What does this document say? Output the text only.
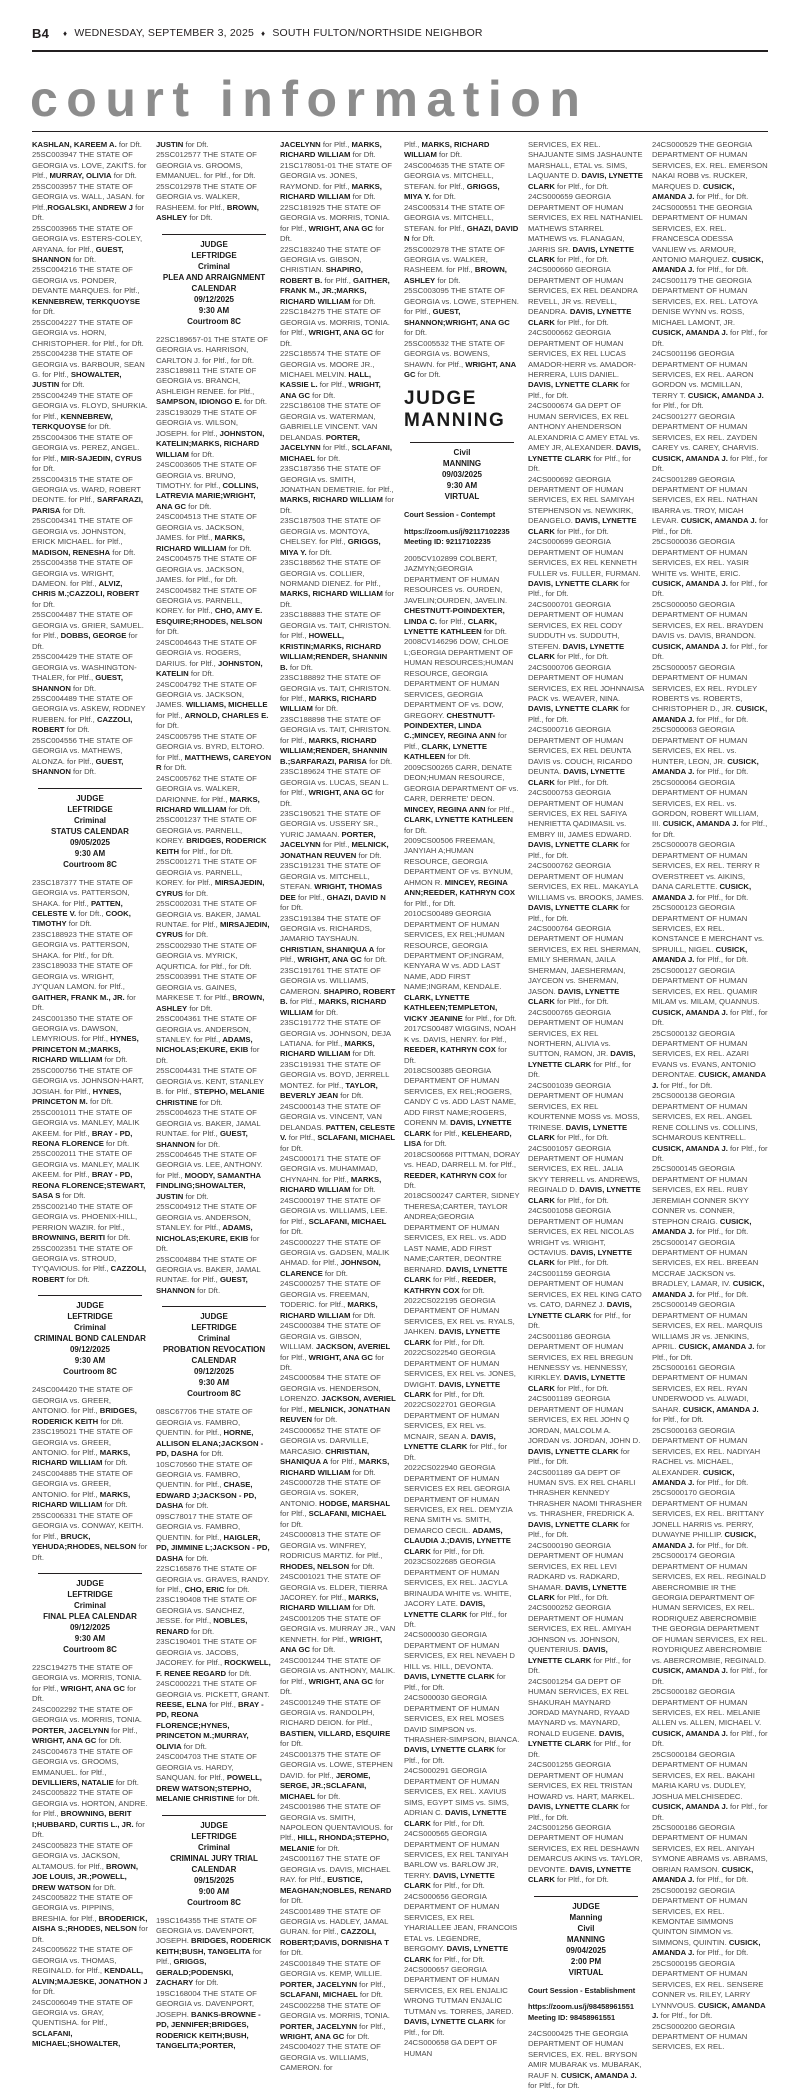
B4 ♦ WEDNESDAY, SEPTEMBER 3, 2025 ♦ SOUTH FULTON/NORTHSIDE NEIGHBOR
court information

KASHLAN, KAREEM A. for Dft. 25SC003947 THE STATE OF GEORGIA vs. LOVE, ZAKIT̈S. for Pltf., MURRAY, OLIVIA for Dft.

25SC003957 THE STATE OF GEORGIA vs. WALL, JASAN. for Pltf.,ROGALSKI, ANDREW J for Dft.

25SC003965 THE STATE OF GEORGIA vs. ESTERS-COLEY, ARYANA. for Pltf., GUEST, SHANNON for Dft.

25SC004216 THE STATE OF GEORGIA vs. PONDER, DEVANTE MARQUES. for Pltf., KENNEBREW, TERKQUOYSE for Dft.

25SC004227 THE STATE OF GEORGIA vs. HORN, CHRISTOPHER. for Pltf., for Dft.

25SC004238 THE STATE OF GEORGIA vs. BARBOUR, SEAN G. for Pltf., SHOWALTER, JUSTIN for Dft.

25SC004249 THE STATE OF GEORGIA vs. FLOYD, SHURKIA. for Pltf., KENNEBREW, TERKQUOYSE for Dft.

25SC004306 THE STATE OF GEORGIA vs. PEREZ, ANGEL. for Pltf., MIR-SAJEDIN, CYRUS for Dft.

25SC004315 THE STATE OF GEORGIA vs. WARD, ROBERT DEONTE. for Pltf., SARFARAZI, PARISA for Dft.

25SC004341 THE STATE OF GEORGIA vs. JOHNSTON, ERICK MICHAEL. for Pltf., MADISON, RENESHA for Dft.

25SC004358 THE STATE OF GEORGIA vs. WRIGHT, DAMEON. for Pltf., ALVIZ, CHRIS M.;CAZZOLI, ROBERT for Dft.

25SC004487 THE STATE OF GEORGIA vs. GRIER, SAMUEL. for Pltf., DOBBS, GEORGE for Dft.

25SC004429 THE STATE OF GEORGIA vs. WASHINGTON-THALER, for Pltf., GUEST, SHANNON for Dft.

25SC004489 THE STATE OF GEORGIA vs. ASKEW, RODNEY RUEBEN. for Pltf., CAZZOLI, ROBERT for Dft.

25SC004556 THE STATE OF GEORGIA vs. MATHEWS, ALONZA. for Pltf., GUEST, SHANNON for Dft.

JUDGE
LEFTRIDGE
Criminal
STATUS CALENDAR
09/05/2025
9:30 AM
Courtroom 8C

23SC187377 THE STATE OF GEORGIA vs. PATTERSON, SHAKA. for Pltf., PATTEN, CELESTE V. for Dft., COOK, TIMOTHY for Dft.

23SC188923 THE STATE OF GEORGIA vs. PATTERSON, SHAKA. for Pltf., for Dft.

23SC189033 THE STATE OF GEORGIA vs. WRIGHT, JY'QUAN LAMON. for Pltf., GAITHER, FRANK M., JR. for Dft.

24SC001350 THE STATE OF GEORGIA vs. DAWSON, LEMYRIOUS. for Pltf., HYNES, PRINCETON M.;MARKS, RICHARD WILLIAM for Dft.

25SC000756 THE STATE OF GEORGIA vs. JOHNSON-HART, JOSIAH. for Pltf., HYNES, PRINCETON M. for Dft.

25SC001011 THE STATE OF GEORGIA vs. MANLEY, MALIK AKEEM. for Pltf., BRAY - PD, REONA FLORENCE for Dft.

25SC002011 THE STATE OF GEORGIA vs. MANLEY, MALIK AKEEM. for Pltf., BRAY - PD, REONA FLORENCE;STEWART, SASA S for Dft.

25SC002140 THE STATE OF GEORGIA vs. PHOENIX-HILL, PERRION WAZIR. for Pltf., BROWNING, BERITI for Dft.

25SC002351 THE STATE OF GEORGIA vs. STROUD, TY'QAVIOUS. for Pltf., CAZZOLI, ROBERT for Dft.

JUDGE
LEFTRIDGE
Criminal
CRIMINAL BOND CALENDAR
09/12/2025
9:30 AM
Courtroom 8C

24SC004420 THE STATE OF GEORGIA vs. GREER, ANTONIO. for Pltf., BRIDGES, RODERICK KEITH for Dft.

23SC195021 THE STATE OF GEORGIA vs. GREER, ANTONIO. for Pltf., MARKS, RICHARD WILLIAM for Dft.

24SC004885 THE STATE OF GEORGIA vs. GREER, ANTONIO. for Pltf., MARKS, RICHARD WILLIAM for Dft.

25SC006331 THE STATE OF GEORGIA vs. CONWAY, KEITH. for Pltf., BRUCK, YEHUDA;RHODES, NELSON for Dft.

JUDGE
LEFTRIDGE
Criminal
FINAL PLEA CALENDAR
09/12/2025
9:30 AM
Courtroom 8C

22SC194275 THE STATE OF GEORGIA vs. MORRIS, TONIA. for Pltf., WRIGHT, ANA GC for Dft.

24SC002292 THE STATE OF GEORGIA vs. MORRIS, TONIA. PORTER, JACELYNN for Pltf., WRIGHT, ANA GC for Dft.

24SC004673 THE STATE OF GEORGIA vs. GROOMS, EMMANUEL. for Pltf., DEVILLIERS, NATALIE for Dft.

24SC005822 THE STATE OF GEORGIA vs. HORTON, ANDRE. for Pltf., BROWNING, BERIT I;HUBBARD, CURTIS L., JR. for Dft.

24SC005823 THE STATE OF GEORGIA vs. JACKSON, ALTAMOUS. for Pltf., BROWN, JOE LOUIS, JR.;POWELL, DREW WATSON for Dft.

24SC005822 THE STATE OF GEORGIA vs. PIPPINS, BRESHIA. for Pltf., BRODERICK, AISHA S.;RHODES, NELSON for Dft.

24SC005622 THE STATE OF GEORGIA vs. THOMAS, REGINALD. for Pltf., KENDALL, ALVIN;MAJESKE, JONATHON J for Dft.

24SC006049 THE STATE OF GEORGIA vs. GRAY, QUENTISHA. for Pltf., SCLAFANI, MICHAEL;SHOWALTER,

JUSTIN for Dft.

25SC012577 THE STATE OF GEORGIA vs. GROOMS, EMMANUEL. for Pltf., for Dft.

25SC012978 THE STATE OF GEORGIA vs. WALKER, RASHEEM. for Pltf., BROWN, ASHLEY for Dft.

JUDGE
LEFTRIDGE
Criminal
PLEA AND ARRAIGNMENT
CALENDAR
09/12/2025
9:30 AM
Courtroom 8C

22SC189657-01 THE STATE OF GEORGIA vs. HARRISON, CARLTON J. for Pltf., for Dft.

23SC189811 THE STATE OF GEORGIA vs. BRANCH, ASHLEIGH RENEE. for Pltf., SAMPSON, IDIONGO E. for Dft.

23SC193029 THE STATE OF GEORGIA vs. WILSON, JOSEPH. for Pltf., JOHNSTON, KATELIN;MARKS, RICHARD WILLIAM for Dft.

24SC003605 THE STATE OF GEORGIA vs. BRUNO, TIMOTHY. for Pltf., COLLINS, LATREVIA MARIE;WRIGHT, ANA GC for Dft.

24SC004513 THE STATE OF GEORGIA vs. JACKSON, JAMES. for Pltf., MARKS, RICHARD WILLIAM for Dft.

24SC004575 THE STATE OF GEORGIA vs. JACKSON, JAMES. for Pltf., for Dft.

24SC004582 THE STATE OF GEORGIA vs. PARNELL, KOREY. for Pltf., CHO, AMY E. ESQUIRE;RHODES, NELSON for Dft.

24SC004643 THE STATE OF GEORGIA vs. ROGERS, DARIUS. for Pltf., JOHNSTON, KATELIN for Dft.

24SC004792 THE STATE OF GEORGIA vs. JACKSON, JAMES. WILLIAMS, MICHELLE for Pltf., ARNOLD, CHARLES E. for Dft.

24SC005795 THE STATE OF GEORGIA vs. BYRD, ELTORO. for Pltf., MATTHEWS, CAREYON R for Dft.

24SC005762 THE STATE OF GEORGIA vs. WALKER, DARIONNE. for Pltf., MARKS, RICHARD WILLIAM for Dft.

25SC001237 THE STATE OF GEORGIA vs. PARNELL, KOREY. BRIDGES, RODERICK KEITH for Pltf., for Dft.

25SC001271 THE STATE OF GEORGIA vs. PARNELL, KOREY. for Pltf., MIRSAJEDIN, CYRUS for Dft.

25SC002031 THE STATE OF GEORGIA vs. BAKER, JAMAL RUNTAE. for Pltf., MIRSAJEDIN, CYRUS for Dft.

25SC002930 THE STATE OF GEORGIA vs. MYRICK, AQURTICA. for Pltf., for Dft.

25SC003991 THE STATE OF GEORGIA vs. GAINES, MARKESE T. for Pltf., BROWN, ASHLEY for Dft.

25SC004361 THE STATE OF GEORGIA vs. ANDERSON, STANLEY. for Pltf., ADAMS, NICHOLAS;EKURE, EKIB for Dft.

25SC004431 THE STATE OF GEORGIA vs. KENT, STANLEY B. for Pltf., STEPHO, MELANIE CHRISTINE for Dft.

25SC004623 THE STATE OF GEORGIA vs. BAKER, JAMAL RUNTAE. for Pltf., GUEST, SHANNON for Dft.

25SC004645 THE STATE OF GEORGIA vs. LEE, ANTHONY. for Pltf., MOODY, SAMANTHA FINDLING;SHOWALTER, JUSTIN for Dft.

25SC004912 THE STATE OF GEORGIA vs. ANDERSON, STANLEY. for Pltf., ADAMS, NICHOLAS;EKURE, EKIB for Dft.

25SC004884 THE STATE OF GEORGIA vs. BAKER, JAMAL RUNTAE. for Pltf., GUEST, SHANNON for Dft.

JUDGE
LEFTRIDGE
Criminal
PROBATION REVOCATION
CALENDAR
09/12/2025
9:30 AM
Courtroom 8C

08SC67706 THE STATE OF GEORGIA vs. FAMBRO, QUENTIN. for Pltf., HORNE, ALLISON ELANA;JACKSON - PD, DASHA for Dft.

10SC70560 THE STATE OF GEORGIA vs. FAMBRO, QUENTIN. for Pltf., CHASE, EDWARD J;JACKSON - PD, DASHA for Dft.

09SC78017 THE STATE OF GEORGIA vs. FAMBRO, QUENTIN. for Pltf., HAIGLER, PD, JIMMINE L;JACKSON - PD, DASHA for Dft.

22SC165876 THE STATE OF GEORGIA vs. GRAVES, RANDY. for Pltf., CHO, ERIC for Dft.

23SC190408 THE STATE OF GEORGIA vs. SANCHEZ, JESSE. for Pltf., NOBLES, RENARD for Dft.

23SC190401 THE STATE OF GEORGIA vs. JACOBS, JACOREY. for Pltf., ROCKWELL, F. RENEE REGARD for Dft.

24SC000221 THE STATE OF GEORGIA vs. PICKETT, GRANT. REESE, ELNA for Pltf., BRAY - PD, REONA FLORENCE;HYNES, PRINCETON M.;MURRAY, OLIVIA for Dft.

24SC004703 THE STATE OF GEORGIA vs. HARDY, SANQUAN. for Pltf., POWELL, DREW WATSON;STEPHO, MELANIE CHRISTINE for Dft.

JUDGE
LEFTRIDGE
Criminal
CRIMINAL JURY TRIAL CALENDAR
09/15/2025
9:00 AM
Courtroom 8C

19SC164355 THE STATE OF GEORGIA vs. DAVENPORT, JOSEPH. BRIDGES, RODERICK KEITH;BUSH, TANGELITA for Pltf., GRIGGS, GERALD;PODENSKI, ZACHARY for Dft.

19SC168004 THE STATE OF GEORGIA vs. DAVENPORT, JOSEPH. BANKS-BROWNE - PD, JENNIFER;BRIDGES, RODERICK KEITH;BUSH, TANGELITA;PORTER,

JACELYNN for Pltf., MARKS, RICHARD WILLIAM for Dft.

21SC178051-01 THE STATE OF GEORGIA vs. JONES, RAYMOND. for Pltf., MARKS, RICHARD WILLIAM for Dft.

22SC181925 THE STATE OF GEORGIA vs. MORRIS, TONIA. for Pltf., WRIGHT, ANA GC for Dft.

22SC183240 THE STATE OF GEORGIA vs. GIBSON, CHRISTIAN. SHAPIRO, ROBERT B. for Pltf., GAITHER, FRANK M., JR.;MARKS, RICHARD WILLIAM for Dft.

22SC184275 THE STATE OF GEORGIA vs. MORRIS, TONIA. for Pltf., WRIGHT, ANA GC for Dft.

22SC185574 THE STATE OF GEORGIA vs. MOORE JR., MICHAEL MELVIN. HALL, KASSIE L. for Pltf., WRIGHT, ANA GC for Dft.

22SC186108 THE STATE OF GEORGIA vs. WATERMAN, GABRIELLE VINCENT. VAN DELANDAS. PORTER, JACELYNN for Pltf., SCLAFANI, MICHAEL for Dft.

23SC187356 THE STATE OF GEORGIA vs. SMITH, JONATHAN DEMETRIE. for Pltf., MARKS, RICHARD WILLIAM for Dft.

23SC187503 THE STATE OF GEORGIA vs. MONTOYA, CHELSEY. for Pltf., GRIGGS, MIYA Y. for Dft.

23SC188562 THE STATE OF GEORGIA vs. COLLIER, NORMAND DIENEZ. for Pltf., MARKS, RICHARD WILLIAM for Dft.

23SC188883 THE STATE OF GEORGIA vs. TAIT, CHRISTON. for Pltf., HOWELL, KRISTIN;MARKS, RICHARD WILLIAM;RENDER, SHANNIN B. for Dft.

23SC188892 THE STATE OF GEORGIA vs. TAIT, CHRISTON. for Pltf., MARKS, RICHARD WILLIAM for Dft.

23SC188898 THE STATE OF GEORGIA vs. TAIT, CHRISTON. for Pltf., MARKS, RICHARD WILLIAM;RENDER, SHANNIN B.;SARFARAZI, PARISA for Dft.

23SC189624 THE STATE OF GEORGIA vs. LUCAS, SEAN L. for Pltf., WRIGHT, ANA GC for Dft.

23SC190521 THE STATE OF GEORGIA vs. USSERY SR., YURIC JAMAAN. PORTER, JACELYNN for Pltf., MELNICK, JONATHAN REUVEN for Dft.

23SC191231 THE STATE OF GEORGIA vs. MITCHELL, STEFAN. WRIGHT, THOMAS DEE for Pltf., GHAZI, DAVID N for Dft.

23SC191384 THE STATE OF GEORGIA vs. RICHARDS, JAMARIO TAYSHAUN. CHRISTIAN, SHANIQUA A for Pltf., WRIGHT, ANA GC for Dft.

23SC191761 THE STATE OF GEORGIA vs. WILLIAMS, CAMERON. SHAPIRO, ROBERT B. for Pltf., MARKS, RICHARD WILLIAM for Dft.

23SC191772 THE STATE OF GEORGIA vs. JOHNSON, DEJA LATIANA. for Pltf., MARKS, RICHARD WILLIAM for Dft.

23SC191931 THE STATE OF GEORGIA vs. BOYD, JERRELL MONTEZ. for Pltf., TAYLOR, BEVERLY JEAN for Dft.

24SC000143 THE STATE OF GEORGIA vs. VINCENT, VAN DELANDAS. PATTEN, CELESTE V. for Pltf., SCLAFANI, MICHAEL for Dft.

24SC000171 THE STATE OF GEORGIA vs. MUHAMMAD, CHYNAHN. for Pltf., MARKS, RICHARD WILLIAM for Dft.

24SC000197 THE STATE OF GEORGIA vs. WILLIAMS, LEE. for Pltf., SCLAFANI, MICHAEL for Dft.

24SC000227 THE STATE OF GEORGIA vs. GADSEN, MALIK AHMAD. for Pltf., JOHNSON, CLARENCE for Dft.

24SC000257 THE STATE OF GEORGIA vs. FREEMAN, TODERIC. for Pltf., MARKS, RICHARD WILLIAM for Dft.

24SC000384 THE STATE OF GEORGIA vs. GIBSON, WILLIAM. JACKSON, AVERIEL for Pltf., WRIGHT, ANA GC for Dft.

24SC000584 THE STATE OF GEORGIA vs. HENDERSON, LORENZO. JACKSON, AVERIEL for Pltf., MELNICK, JONATHAN REUVEN for Dft.

24SC000652 THE STATE OF GEORGIA vs. DARVILLE, MARCASIO. CHRISTIAN, SHANIQUA A for Pltf., MARKS, RICHARD WILLIAM for Dft.

24SC000728 THE STATE OF GEORGIA vs. SOKER, ANTONIO. HODGE, MARSHAL for Pltf., SCLAFANI, MICHAEL for Dft.

24SC000813 THE STATE OF GEORGIA vs. WINFREY, RODRICUS MARTIZ. for Pltf., RHODES, NELSON for Dft.

24SC001021 THE STATE OF GEORGIA vs. ELDER, TIERRA JACOREY. for Pltf., MARKS, RICHARD WILLIAM for Dft.

24SC001205 THE STATE OF GEORGIA vs. MURRAY JR., VAN KENNETH. for Pltf., WRIGHT, ANA GC for Dft.

24SC001244 THE STATE OF GEORGIA vs. ANTHONY, MALIK. for Pltf., WRIGHT, ANA GC for Dft.

24SC001249 THE STATE OF GEORGIA vs. RANDOLPH, RICHARD DEION. for Pltf., BASTIEN, VILLARD, ESQUIRE for Dft.

24SC001375 THE STATE OF GEORGIA vs. LOWE, STEPHEN DAVID. for Pltf., JEROME, SERGE, JR.;SCLAFANI, MICHAEL for Dft.

24SC001986 THE STATE OF GEORGIA vs. SMITH, NAPOLEON QUENTAVIOUS. for Pltf., HILL, RHONDA;STEPHO, MELANIE for Dft.

24SC001167 THE STATE OF GEORGIA vs. DAVIS, MICHAEL RAY. for Pltf., EUSTICE, MEAGHAN;NOBLES, RENARD for Dft.

24SC001489 THE STATE OF GEORGIA vs. HADLEY, JAMAL GURAN. for Pltf., CAZZOLI, ROBERT;DAVIS, DORNISHA T for Dft.

24SC001849 THE STATE OF GEORGIA vs. KEMP, WILLIE. PORTER, JACELYNN for Pltf., SCLAFANI, MICHAEL for Dft.

24SC002258 THE STATE OF GEORGIA vs. MORRIS, TONIA. PORTER, JACELYNN for Pltf., WRIGHT, ANA GC for Dft.

24SC004027 THE STATE OF GEORGIA vs. WILLIAMS, CAMERON. for

Pltf., MARKS, RICHARD WILLIAM for Dft.

24SC004635 THE STATE OF GEORGIA vs. MITCHELL, STEFAN. for Pltf., GRIGGS, MIYA Y. for Dft.

24SC005314 THE STATE OF GEORGIA vs. MITCHELL, STEFAN. for Pltf., GHAZI, DAVID N for Dft.

25SC002978 THE STATE OF GEORGIA vs. WALKER, RASHEEM. for Pltf., BROWN, ASHLEY for Dft.

25SC003095 THE STATE OF GEORGIA vs. LOWE, STEPHEN. for Pltf., GUEST, SHANNON;WRIGHT, ANA GC for Dft.

25SC005532 THE STATE OF GEORGIA vs. BOWENS, SHAWN. for Pltf., WRIGHT, ANA GC for Dft.

JUDGE
MANNING
Civil
MANNING
09/03/2025
9:30 AM
VIRTUAL
Court Session - Contempt
https://zoom.us/j/92117102235 Meeting ID: 92117102235

2005CV102899 COLBERT, JAZMYN;GEORGIA DEPARTMENT OF HUMAN RESOURCES vs. OURDEN, JAVELIN;OURDEN, JAVELIN. CHESTNUTT-POINDEXTER, LINDA C. for Pltf., CLARK, LYNETTE KATHLEEN for Dft.

2008CV146296 DOW, CHLOE L;GEORGIA DEPARTMENT OF HUMAN RESOURCES;HUMAN RESOURCE, GEORGIA DEPARTMENT OF HUMAN SERVICES, GEORGIA DEPARTMENT OF vs. DOW, GREGORY. CHESTNUTT-POINDEXTER, LINDA C.;MINCEY, REGINA ANN for Pltf., CLARK, LYNETTE KATHLEEN for Dft.

2009CS00265 CARR, DENATE DEON;HUMAN RESOURCE, GEORGIA DEPARTMENT OF vs. CARR, DERRETE' DEON. MINCEY, REGINA ANN for Pltf., CLARK, LYNETTE KATHLEEN for Dft.

2009CS00506 FREEMAN, JANYIAH A;HUMAN RESOURCE, GEORGIA DEPARTMENT OF vs. BYNUM, AHMON R. MINCEY, REGINA ANN;REEDER, KATHRYN COX for Pltf., for Dft.

2010CS00489 GEORGIA DEPARTMENT OF HUMAN SERVICES, EX REL;HUMAN RESOURCE, GEORGIA DEPARTMENT OF;INGRAM, KENYARA W vs. ADD LAST NAME, ADD FIRST NAME;INGRAM, KENDALE. CLARK, LYNETTE KATHLEEN;TEMPLETON, VICKY JEANINE for Pltf., for Dft.

2017CS00487 WIGGINS, NOAH K vs. DAVIS, HENRY. for Pltf., REEDER, KATHRYN COX for Dft.

2018CS00385 GEORGIA DEPARTMENT OF HUMAN SERVICES, EX REL;ROGERS, CANDY C vs. ADD LAST NAME, ADD FIRST NAME;ROGERS, CORENN M. DAVIS, LYNETTE CLARK for Pltf., KELEHEARD, LISA for Dft.

2018CS00668 PITTMAN, DORAY vs. HEAD, DARRELL M. for Pltf., REEDER, KATHRYN COX for Dft.

2018CS00247 CARTER, SIDNEY THERESA;CARTER, TAYLOR ANDREA;GEORGIA DEPARTMENT OF HUMAN SERVICES, EX REL. vs. ADD LAST NAME, ADD FIRST NAME;CARTER, DEONTRE BERNARD. DAVIS, LYNETTE CLARK for Pltf., REEDER, KATHRYN COX for Dft.

2022CS022195 GEORGIA DEPARTMENT OF HUMAN SERVICES, EX REL vs. RYALS, JAHKEN. DAVIS, LYNETTE CLARK for Pltf., for Dft.

2022CS022540 GEORGIA DEPARTMENT OF HUMAN SERVICES, EX REL vs. JONES, DWIGHT. DAVIS, LYNETTE CLARK for Pltf., for Dft.

2022CS022701 GEORGIA DEPARTMENT OF HUMAN SERVICES, EX REL vs. MCNAIR, SEAN A. DAVIS, LYNETTE CLARK for Pltf., for Dft.

2022CS022940 GEORGIA DEPARTMENT OF HUMAN SERVICES EX REL GEORGIA DEPARTMENT OF HUMAN SERVICES, EX REL. DEMYZIA RENA SMITH vs. SMITH, DEMARCO CECIL. ADAMS, CLAUDIA J.;DAVIS, LYNETTE CLARK for Pltf., for Dft.

2023CS022685 GEORGIA DEPARTMENT OF HUMAN SERVICES, EX REL. JACYLA BRINAUDA WHITE vs. WHITE, JACORY LATE. DAVIS, LYNETTE CLARK for Pltf., for Dft.

24CS000030 GEORGIA DEPARTMENT OF HUMAN SERVICES, EX REL NEVAEH D HILL vs. HILL, DEVONTA. DAVIS, LYNETTE CLARK for Pltf., for Dft.

24CS000030 GEORGIA DEPARTMENT OF HUMAN SERVICES, EX REL MOSES DAVID SIMPSON vs. THRASHER-SIMPSON, BIANCA. DAVIS, LYNETTE CLARK for Pltf., for Dft.

24CS000291 GEORGIA DEPARTMENT OF HUMAN SERVICES, EX REL. XAVIUS SIMS, EGYPT SIMS vs. SIMS, ADRIAN C. DAVIS, LYNETTE CLARK for Pltf., for Dft.

24CS000565 GEORGIA DEPARTMENT OF HUMAN SERVICES, EX REL TANIYAH BARLOW vs. BARLOW JR, TERRY. DAVIS, LYNETTE CLARK for Pltf., for Dft.

24CS000656 GEORGIA DEPARTMENT OF HUMAN SERVICES, EX REL YHARIALLEE JEAN, FRANCOIS ETAL vs. LEGENDRE, BERGOMY. DAVIS, LYNETTE CLARK for Pltf., for Dft.

24CS000657 GEORGIA DEPARTMENT OF HUMAN SERVICES, EX REL ENJALIC WRONG TUTMAN ENJALIC TUTMAN vs. TORRES, JARED. DAVIS, LYNETTE CLARK for Pltf., for Dft.

24CS000658 GA DEPT OF HUMAN

SERVICES, EX REL. SHAJUANTE SIMS JASHAUNTE MARSHALL, ETAL vs. SIMS, LAQUANTE D. DAVIS, LYNETTE CLARK for Pltf., for Dft.

24CS000659 GEORGIA DEPARTMENT OF HUMAN SERVICES, EX REL NATHANIEL MATHEWS STARREL MATHEWS vs. FLANAGAN, JARRIS SR. DAVIS, LYNETTE CLARK for Pltf., for Dft.

24CS000660 GEORGIA DEPARTMENT OF HUMAN SERVICES, EX REL DEANDRA REVELL, JR vs. REVELL, DEANDRA. DAVIS, LYNETTE CLARK for Pltf., for Dft.

24CS000662 GEORGIA DEPARTMENT OF HUMAN SERVICES, EX REL LUCAS AMADOR-HERR vs. AMADOR-HERRERA, LUIS DANIEL. DAVIS, LYNETTE CLARK for Pltf., for Dft.

24CS000674 GA DEPT OF HUMAN SERVICES, EX REL ANTHONY AHENDERSON ALEXANDRIA C AMEY ETAL vs. AMEY JR, ALEXANDER. DAVIS, LYNETTE CLARK for Pltf., for Dft.

24CS000692 GEORGIA DEPARTMENT OF HUMAN SERVICES, EX REL SAMIYAH STEPHENSON vs. NEWKIRK, DEANGELO. DAVIS, LYNETTE CLARK for Pltf., for Dft.

24CS000699 GEORGIA DEPARTMENT OF HUMAN SERVICES, EX REL KENNETH FULLER vs. FULLER, FURMAN. DAVIS, LYNETTE CLARK for Pltf., for Dft.

24CS000701 GEORGIA DEPARTMENT OF HUMAN SERVICES, EX REL CODY SUDDUTH vs. SUDDUTH, STEFEN. DAVIS, LYNETTE CLARK for Pltf., for Dft.

24CS000706 GEORGIA DEPARTMENT OF HUMAN SERVICES, EX REL JOHNNAISA PACK vs. WEAVER, NINA. DAVIS, LYNETTE CLARK for Pltf., for Dft.

24CS000716 GEORGIA DEPARTMENT OF HUMAN SERVICES, EX REL DEUNTA DAVIS vs. COUCH, RICARDO DEUNTA. DAVIS, LYNETTE CLARK for Pltf., for Dft.

24CS000753 GEORGIA DEPARTMENT OF HUMAN SERVICES, EX REL SAFIYA HENRIETTA QADIMASIL vs. EMBRY III, JAMES EDWARD. DAVIS, LYNETTE CLARK for Pltf., for Dft.

24CS000762 GEORGIA DEPARTMENT OF HUMAN SERVICES, EX REL. MAKAYLA WILLIAMS vs. BROOKS, JAMES. DAVIS, LYNETTE CLARK for Pltf., for Dft.

24CS000764 GEORGIA DEPARTMENT OF HUMAN SERVICES, EX REL SHERMAN, EMILY SHERMAN, JAILA SHERMAN, JAESHERMAN, JAYCEON vs. SHERMAN, JASON. DAVIS, LYNETTE CLARK for Pltf., for Dft.

24CS000765 GEORGIA DEPARTMENT OF HUMAN SERVICES, EX REL NORTHERN, ALIVIA vs. SUTTON, RAMON, JR. DAVIS, LYNETTE CLARK for Pltf., for Dft.

24CS001039 GEORGIA DEPARTMENT OF HUMAN SERVICES, EX REL KOURTENNE MOSS vs. MOSS, TRINESE. DAVIS, LYNETTE CLARK for Pltf., for Dft.

24CS001057 GEORGIA DEPARTMENT OF HUMAN SERVICES, EX REL. JALIA SKYY TERRELL vs. ANDREWS, REGINALD D. DAVIS, LYNETTE CLARK for Pltf., for Dft.

24CS001058 GEORGIA DEPARTMENT OF HUMAN SERVICES, EX REL NICOLAS WRIGHT vs. WRIGHT, OCTAVIUS. DAVIS, LYNETTE CLARK for Pltf., for Dft.

24CS001159 GEORGIA DEPARTMENT OF HUMAN SERVICES, EX REL KING CATO vs. CATO, DARNEZ J. DAVIS, LYNETTE CLARK for Pltf., for Dft.

24CS001186 GEORGIA DEPARTMENT OF HUMAN SERVICES, EX REL BREGUN HENNESSY vs. HENNESSY, KIRKLEY. DAVIS, LYNETTE CLARK for Pltf., for Dft.

24CS001189 GEORGIA DEPARTMENT OF HUMAN SERVICES, EX REL JOHN Q JORDAN, MALCOLM A. JORDAN vs. JORDAN, JOHN D. DAVIS, LYNETTE CLARK for Pltf., for Dft.

24CS001189 GA DEPT OF HUMAN SVS. EX REL CHARLI THRASHER KENNEDY THRASHER NAOMI THRASHER vs. THRASHER, FREDRICK A. DAVIS, LYNETTE CLARK for Pltf., for Dft.

24CS000190 GEORGIA DEPARTMENT OF HUMAN SERVICES, EX REL LEVI RADKARD vs. RADKARD, SHAMAR. DAVIS, LYNETTE CLARK for Pltf., for Dft.

24CS000252 GEORGIA DEPARTMENT OF HUMAN SERVICES, EX REL. AMIYAH JOHNSON vs. JOHNSON, QUENTERIUS. DAVIS, LYNETTE CLARK for Pltf., for Dft.

24CS001254 GA DEPT OF HUMAN SERVICES, EX REL SHAKURAH MAYNARD JORDAD MAYNARD, RYAAD MAYNARD vs. MAYNARD, RONALD EUGENE. DAVIS, LYNETTE CLARK for Pltf., for Dft.

24CS001255 GEORGIA DEPARTMENT OF HUMAN SERVICES, EX REL TRISTAN HOWARD vs. HART, MARKEL. DAVIS, LYNETTE CLARK for Pltf., for Dft.

24CS001256 GEORGIA DEPARTMENT OF HUMAN SERVICES, EX REL DESHAWN DEMARCUS AKINS vs. TAYLOR, DEVONTE. DAVIS, LYNETTE CLARK for Pltf., for Dft.

JUDGE
Manning
Civil
MANNING
09/04/2025
2:00 PM
VIRTUAL
Court Session - Establishment
https://zoom.us/j/98458961551 Meeting ID: 98458961551

24CS000425 THE GEORGIA DEPARTMENT OF HUMAN SERVICES, EX. REL. BRYSON AMIR MUBARAK vs. MUBARAK, RAUF N. CUSICK, AMANDA J. for Pltf., for Dft.

24CS000529 THE GEORGIA DEPARTMENT OF HUMAN SERVICES, EX. REL. EMERSON NAKAI ROBB vs. RUCKER, MARQUES D. CUSICK, AMANDA J. for Pltf., for Dft.

24CS000551 THE GEORGIA DEPARTMENT OF HUMAN SERVICES, EX. REL. FRANCESCA ODESSA VANLIEW vs. ARMOUR, ANTONIO MARQUEZ. CUSICK, AMANDA J. for Pltf., for Dft.

24CS001179 THE GEORGIA DEPARTMENT OF HUMAN SERVICES, EX. REL. LATOYA DENISE WYNN vs. ROSS, MICHAEL LAMONT, JR. CUSICK, AMANDA J. for Pltf., for Dft.

24CS001196 GEORGIA DEPARTMENT OF HUMAN SERVICES, EX REL. AARON GORDON vs. MCMILLAN, TERRY T. CUSICK, AMANDA J. for Pltf., for Dft.

24CS001277 GEORGIA DEPARTMENT OF HUMAN SERVICES, EX REL. ZAYDEN CAREY vs. CAREY, CHARVIS. CUSICK, AMANDA J. for Pltf., for Dft.

24CS001289 GEORGIA DEPARTMENT OF HUMAN SERVICES, EX REL. NATHAN IBARRA vs. TROY, MICAH LEVAR. CUSICK, AMANDA J. for Pltf., for Dft.

25CS000036 GEORGIA DEPARTMENT OF HUMAN SERVICES, EX REL. YASIR WHITE vs. WHITE, ERIC. CUSICK, AMANDA J. for Pltf., for Dft.

25CS000050 GEORGIA DEPARTMENT OF HUMAN SERVICES, EX REL. BRAYDEN DAVIS vs. DAVIS, BRANDON. CUSICK, AMANDA J. for Pltf., for Dft.

25CS000057 GEORGIA DEPARTMENT OF HUMAN SERVICES, EX REL. RYDLEY ROBERTS vs. ROBERTS, CHRISTOPHER D., JR. CUSICK, AMANDA J. for Pltf., for Dft.

25CS000063 GEORGIA DEPARTMENT OF HUMAN SERVICES, EX REL. vs. HUNTER, LEON, JR. CUSICK, AMANDA J. for Pltf., for Dft.

25CS000064 GEORGIA DEPARTMENT OF HUMAN SERVICES, EX REL. vs. GORDON, ROBERT WILLIAM, III. CUSICK, AMANDA J. for Pltf., for Dft.

25CS000078 GEORGIA DEPARTMENT OF HUMAN SERVICES, EX REL. TERRY R OVERSTREET vs. AIKINS, DANA CARLETTE. CUSICK, AMANDA J. for Pltf., for Dft.

25CS000123 GEORGIA DEPARTMENT OF HUMAN SERVICES, EX REL. KONSTANCE E MERCHANT vs. SPRUILL, NIGEL. CUSICK, AMANDA J. for Pltf., for Dft.

25CS000127 GEORGIA DEPARTMENT OF HUMAN SERVICES, EX REL. QUAMIR MILAM vs. MILAM, QUANNUS. CUSICK, AMANDA J. for Pltf., for Dft.

25CS000132 GEORGIA DEPARTMENT OF HUMAN SERVICES, EX REL. AZARI EVANS vs. EVANS, ANTONIO DERONTAE. CUSICK, AMANDA J. for Pltf., for Dft.

25CS000138 GEORGIA DEPARTMENT OF HUMAN SERVICES, EX REL. ANGEL RENE COLLINS vs. COLLINS, SCHMAROUS KENTRELL. CUSICK, AMANDA J. for Pltf., for Dft.

25CS000145 GEORGIA DEPARTMENT OF HUMAN SERVICES, EX REL. RUBY JEREMIAH CONNER SKYY CONNER vs. CONNER, STEPHON CRAIG. CUSICK, AMANDA J. for Pltf., for Dft.

25CS000147 GEORGIA DEPARTMENT OF HUMAN SERVICES, EX REL. BREEAN MCCRAE JACKSON vs. BRADLEY, LAMAR, IV. CUSICK, AMANDA J. for Pltf., for Dft.

25CS000149 GEORGIA DEPARTMENT OF HUMAN SERVICES, EX REL. MARQUIS WILLIAMS JR vs. JENKINS, APRIL. CUSICK, AMANDA J. for Pltf., for Dft.

25CS000161 GEORGIA DEPARTMENT OF HUMAN SERVICES, EX REL. RYAN UNDERWOOD vs. ALWADI, SAHAR. CUSICK, AMANDA J. for Pltf., for Dft.

25CS000163 GEORGIA DEPARTMENT OF HUMAN SERVICES, EX REL. NADIYAH RACHEL vs. MICHAEL, ALEXANDER. CUSICK, AMANDA J. for Pltf., for Dft.

25CS000170 GEORGIA DEPARTMENT OF HUMAN SERVICES, EX REL. BRITTANY JONELL HARRIS vs. PERRY, DUWAYNE PHILLIP. CUSICK, AMANDA J. for Pltf., for Dft.

25CS000174 GEORGIA DEPARTMENT OF HUMAN SERVICES, EX REL. REGINALD ABERCROMBIE IR THE GEORGIA DEPARTMENT OF HUMAN SERVICES, EX REL. RODRIQUEZ ABERCROMBIE THE GEORGIA DEPARTMENT OF HUMAN SERVICES, EX REL. ROYDRIQUEZ ABERCROMBIE vs. ABERCROMBIE, REGINALD. CUSICK, AMANDA J. for Pltf., for Dft.

25CS000182 GEORGIA DEPARTMENT OF HUMAN SERVICES, EX REL. MELANIE ALLEN vs. ALLEN, MICHAEL V. CUSICK, AMANDA J. for Pltf., for Dft.

25CS000184 GEORGIA DEPARTMENT OF HUMAN SERVICES, EX REL. BAKAHI MARIA KARU vs. DUDLEY, JOSHUA MELCHISEDEC. CUSICK, AMANDA J. for Pltf., for Dft.

25CS000186 GEORGIA DEPARTMENT OF HUMAN SERVICES, EX REL. ANIYAH SYMONE ABRAMS vs. ABRAMS, OBRIAN RAMSON. CUSICK, AMANDA J. for Pltf., for Dft.

25CS000192 GEORGIA DEPARTMENT OF HUMAN SERVICES, EX REL. KEMONTAE SIMMONS QUINTON SIMMON vs. SIMMONS, QUINTIN. CUSICK, AMANDA J. for Pltf., for Dft.

25CS000195 GEORGIA DEPARTMENT OF HUMAN SERVICES, EX REL. SENSERE CONNER vs. RILEY, LARRY LYNNVOUS. CUSICK, AMANDA J. for Pltf., for Dft.

25CS000200 GEORGIA DEPARTMENT OF HUMAN SERVICES, EX REL.
